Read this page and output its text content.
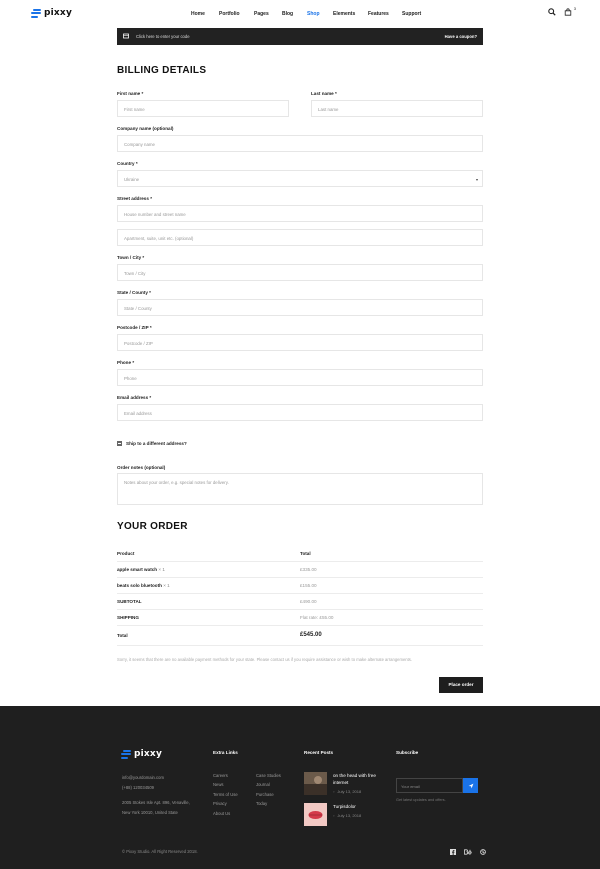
pixxy	Home	Portfolio	Pages	Blog	Shop	Elements	Features	Support
3
Click here to enter your code	Have a coupon?
BILLING DETAILS
First name *
First name
Last name *
Last name
Company name (optional)
Company name
Country *
Ukraine	▾
Street address *
House number and street name
Apartment, suite, unit etc. (optional)
Town / City *
Town / City
State / County *
State / County
Postcode / ZIP *
Postcode / ZIP
Phone *
Phone
Email address *
Email address
Ship to a different address?
Order notes (optional)
Notes about your order, e.g. special notes for delivery.
YOUR ORDER
Product	Total
apple smart watch × 1	£335.00
beats solo bluetooth × 1	£155.00
SUBTOTAL	£490.00
SHIPPING	Flat rate: £55.00
Total	£545.00
Sorry, it seems that there are no available payment methods for your state. Please contact us if you require assistance or wish to make alternate arrangements.
Place order
pixxy
info@yourdomain.com
(+88) 120034509
2005 Stokes Isle Apt. 896, Venaville,
New York 10010, United State
Extra Links
Careers
News
Terms of Use
Privacy
About Us
Case Studies
Journal
Purchase
Today
Recent Posts
on the head with free internet
▫ July 13, 2018
Turpisdolor
▫ July 13, 2018
Subscribe
Your email
Get latest updates and offers.
© Pixxy Studio. All Right Reserved 2018.
